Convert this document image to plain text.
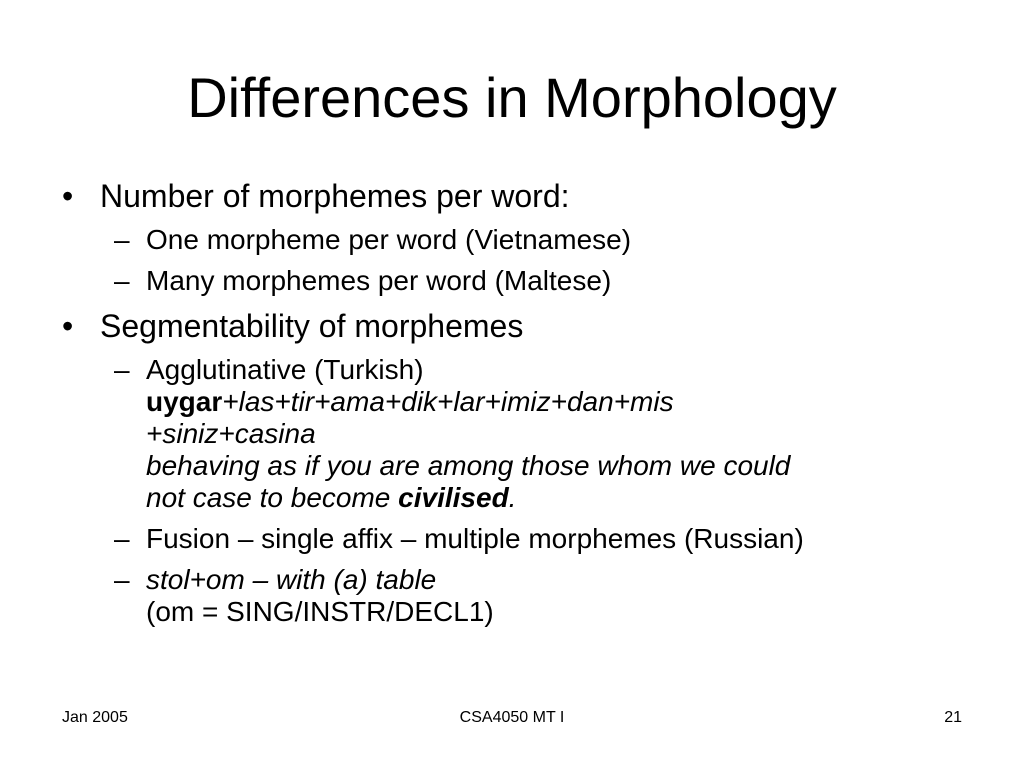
Differences in Morphology
• Number of morphemes per word:
– One morpheme per word (Vietnamese)
– Many morphemes per word (Maltese)
• Segmentability of morphemes
– Agglutinative (Turkish)
uygar+las+tir+ama+dik+lar+imiz+dan+mis
+siniz+casina
behaving as if you are among those whom we could
not case to become civilised.
– Fusion – single affix – multiple morphemes (Russian)
– stol+om – with (a) table
(om = SING/INSTR/DECL1)
Jan 2005	CSA4050 MT I	21
